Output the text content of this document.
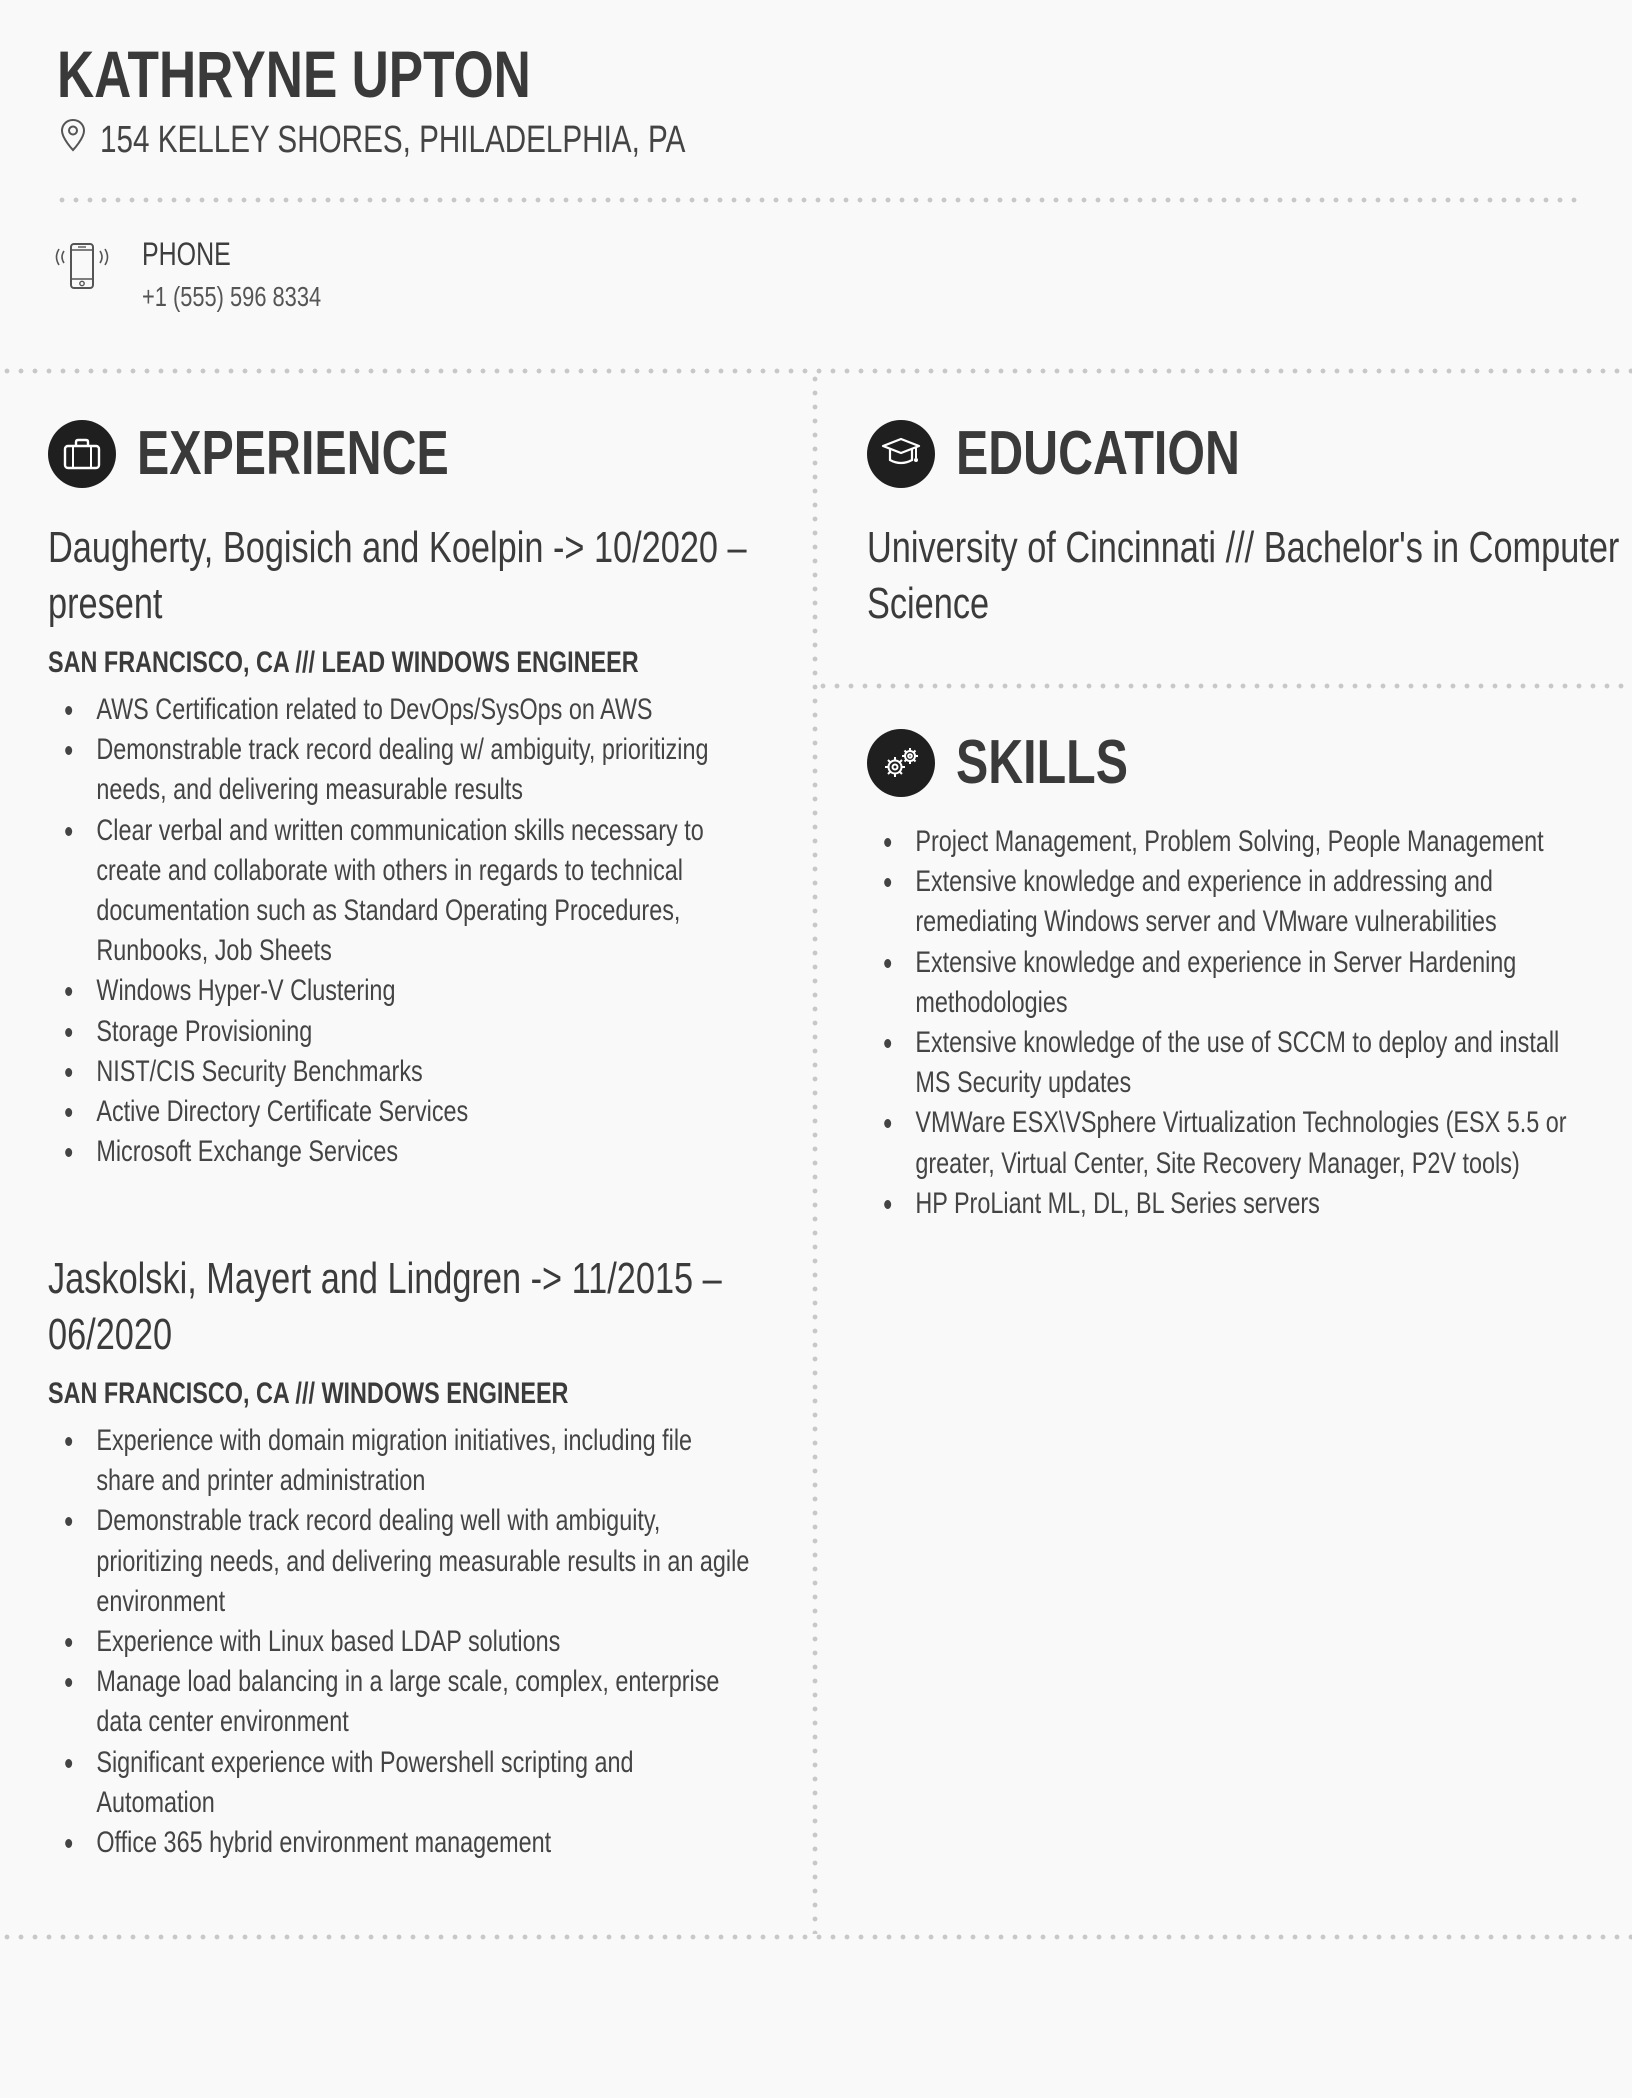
KATHRYNE UPTON
154 KELLEY SHORES, PHILADELPHIA, PA
PHONE
+1 (555) 596 8334
EXPERIENCE
Daugherty, Bogisich and Koelpin -> 10/2020 – present
SAN FRANCISCO, CA /// LEAD WINDOWS ENGINEER
AWS Certification related to DevOps/SysOps on AWS
Demonstrable track record dealing w/ ambiguity, prioritizing needs, and delivering measurable results
Clear verbal and written communication skills necessary to create and collaborate with others in regards to technical documentation such as Standard Operating Procedures, Runbooks, Job Sheets
Windows Hyper-V Clustering
Storage Provisioning
NIST/CIS Security Benchmarks
Active Directory Certificate Services
Microsoft Exchange Services
Jaskolski, Mayert and Lindgren -> 11/2015 – 06/2020
SAN FRANCISCO, CA /// WINDOWS ENGINEER
Experience with domain migration initiatives, including file share and printer administration
Demonstrable track record dealing well with ambiguity, prioritizing needs, and delivering measurable results in an agile environment
Experience with Linux based LDAP solutions
Manage load balancing in a large scale, complex, enterprise data center environment
Significant experience with Powershell scripting and Automation
Office 365 hybrid environment management
EDUCATION
University of Cincinnati /// Bachelor's in Computer Science
SKILLS
Project Management, Problem Solving, People Management
Extensive knowledge and experience in addressing and remediating Windows server and VMware vulnerabilities
Extensive knowledge and experience in Server Hardening methodologies
Extensive knowledge of the use of SCCM to deploy and install MS Security updates
VMWare ESX\VSphere Virtualization Technologies (ESX 5.5 or greater, Virtual Center, Site Recovery Manager, P2V tools)
HP ProLiant ML, DL, BL Series servers
